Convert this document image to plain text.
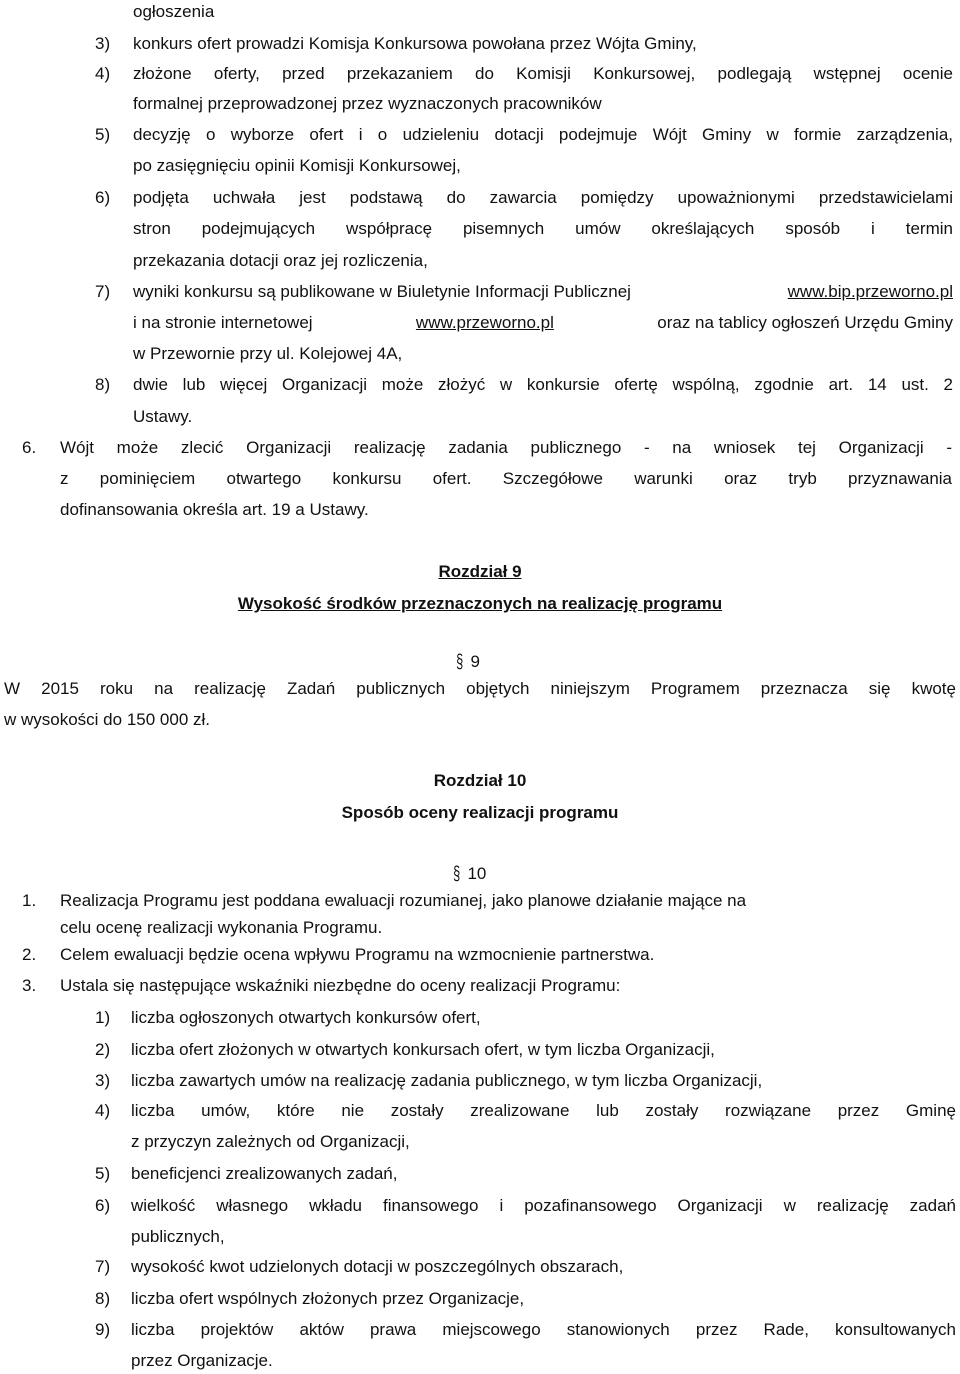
ogłoszenia
3) konkurs ofert prowadzi Komisja Konkursowa powołana przez Wójta Gminy,
4) złożone oferty, przed przekazaniem do Komisji Konkursowej, podlegają wstępnej ocenie
formalnej przeprowadzonej przez wyznaczonych pracowników
5) decyzję o wyborze ofert i o udzieleniu dotacji podejmuje Wójt Gminy w formie zarządzenia,
po zasięgnięciu opinii Komisji Konkursowej,
6) podjęta uchwała jest podstawą do zawarcia pomiędzy upoważnionymi przedstawicielami
stron podejmujących współpracę pisemnych umów określających sposób i termin
przekazania dotacji oraz jej rozliczenia,
7) wyniki konkursu są publikowane w Biuletynie Informacji Publicznej	www.bip.przeworno.pl
i na stronie internetowej	www.przeworno.pl	oraz na tablicy ogłoszeń Urzędu Gminy
w Przewornie przy ul. Kolejowej 4A,
8) dwie lub więcej Organizacji może złożyć w konkursie ofertę wspólną, zgodnie art. 14 ust. 2
Ustawy.
6. Wójt może zlecić Organizacji realizację zadania publicznego - na wniosek tej Organizacji -
z pominięciem otwartego konkursu ofert. Szczegółowe warunki oraz tryb przyznawania
dofinansowania określa art. 19 a Ustawy.
Rozdział 9
Wysokość środków przeznaczonych na realizację programu
§ 9
W 2015 roku na realizację Zadań publicznych objętych niniejszym Programem przeznacza się kwotę
w wysokości do 150 000 zł.
Rozdział 10
Sposób oceny realizacji programu
§ 10
1. Realizacja Programu jest poddana ewaluacji rozumianej, jako planowe działanie mające na
celu ocenę realizacji wykonania Programu.
2. Celem ewaluacji będzie ocena wpływu Programu na wzmocnienie partnerstwa.
3. Ustala się następujące wskaźniki niezbędne do oceny realizacji Programu:
1) liczba ogłoszonych otwartych konkursów ofert,
2) liczba ofert złożonych w otwartych konkursach ofert, w tym liczba Organizacji,
3) liczba zawartych umów na realizację zadania publicznego, w tym liczba Organizacji,
4) liczba umów, które nie zostały zrealizowane lub zostały rozwiązane przez Gminę
z przyczyn zależnych od Organizacji,
5) beneficjenci zrealizowanych zadań,
6) wielkość własnego wkładu finansowego i pozafinansowego Organizacji w realizację zadań
publicznych,
7) wysokość kwot udzielonych dotacji w poszczególnych obszarach,
8) liczba ofert wspólnych złożonych przez Organizacje,
9) liczba projektów aktów prawa miejscowego stanowionych przez Rade, konsultowanych
przez Organizacje.
